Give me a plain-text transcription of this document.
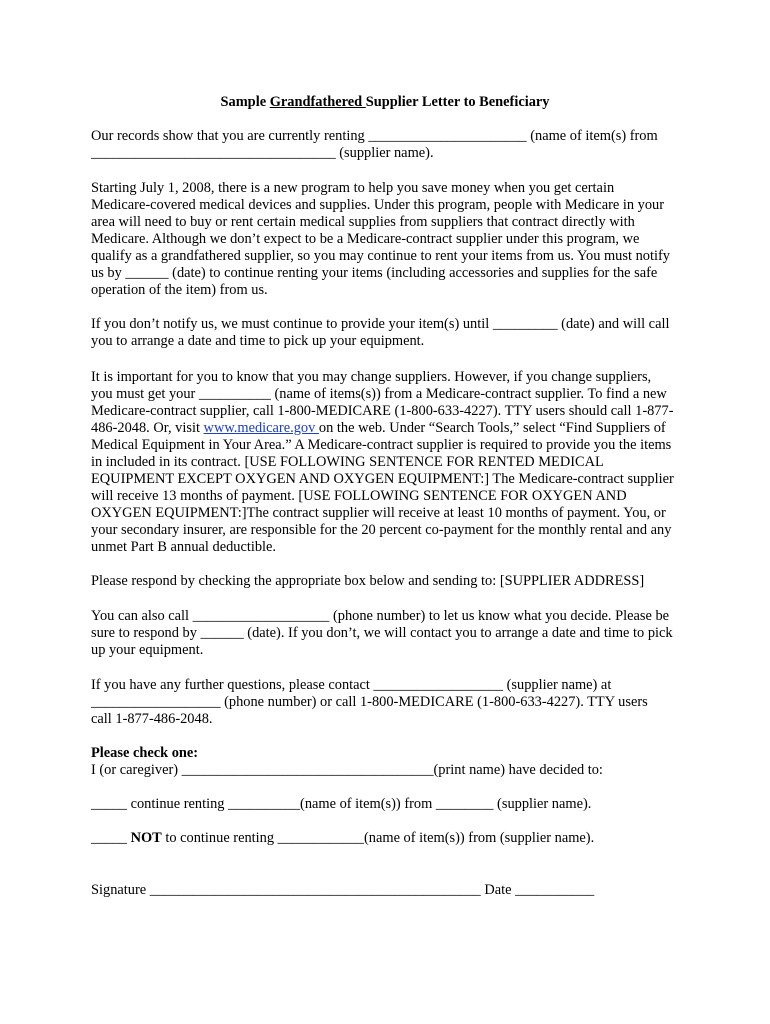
Sample Grandfathered Supplier Letter to Beneficiary
Our records show that you are currently renting ______________________ (name of item(s) from
__________________________________ (supplier name).
Starting July 1, 2008, there is a new program to help you save money when you get certain
Medicare-covered medical devices and supplies. Under this program, people with Medicare in your
area will need to buy or rent certain medical supplies from suppliers that contract directly with
Medicare. Although we don’t expect to be a Medicare-contract supplier under this program, we
qualify as a grandfathered supplier, so you may continue to rent your items from us. You must notify
us by ______ (date) to continue renting your items (including accessories and supplies for the safe
operation of the item) from us.
If you don’t notify us, we must continue to provide your item(s) until _________ (date) and will call
you to arrange a date and time to pick up your equipment.
It is important for you to know that you may change suppliers. However, if you change suppliers,
you must get your __________ (name of items(s)) from a Medicare-contract supplier. To find a new
Medicare-contract supplier, call 1-800-MEDICARE (1-800-633-4227). TTY users should call 1-877-
486-2048. Or, visit www.medicare.gov on the web. Under “Search Tools,” select “Find Suppliers of
Medical Equipment in Your Area.” A Medicare-contract supplier is required to provide you the items
in included in its contract. [USE FOLLOWING SENTENCE FOR RENTED MEDICAL
EQUIPMENT EXCEPT OXYGEN AND OXYGEN EQUIPMENT:] The Medicare-contract supplier
will receive 13 months of payment. [USE FOLLOWING SENTENCE FOR OXYGEN AND
OXYGEN EQUIPMENT:]The contract supplier will receive at least 10 months of payment. You, or
your secondary insurer, are responsible for the 20 percent co-payment for the monthly rental and any
unmet Part B annual deductible.
Please respond by checking the appropriate box below and sending to: [SUPPLIER ADDRESS]
You can also call ___________________ (phone number) to let us know what you decide. Please be
sure to respond by ______ (date). If you don’t, we will contact you to arrange a date and time to pick
up your equipment.
If you have any further questions, please contact __________________ (supplier name) at
__________________ (phone number) or call 1-800-MEDICARE (1-800-633-4227). TTY users
call 1-877-486-2048.
Please check one:
I (or caregiver) ___________________________________(print name) have decided to:
_____ continue renting __________(name of item(s)) from ________ (supplier name).
_____ NOT to continue renting ____________(name of item(s)) from (supplier name).
Signature ______________________________________________ Date ___________
